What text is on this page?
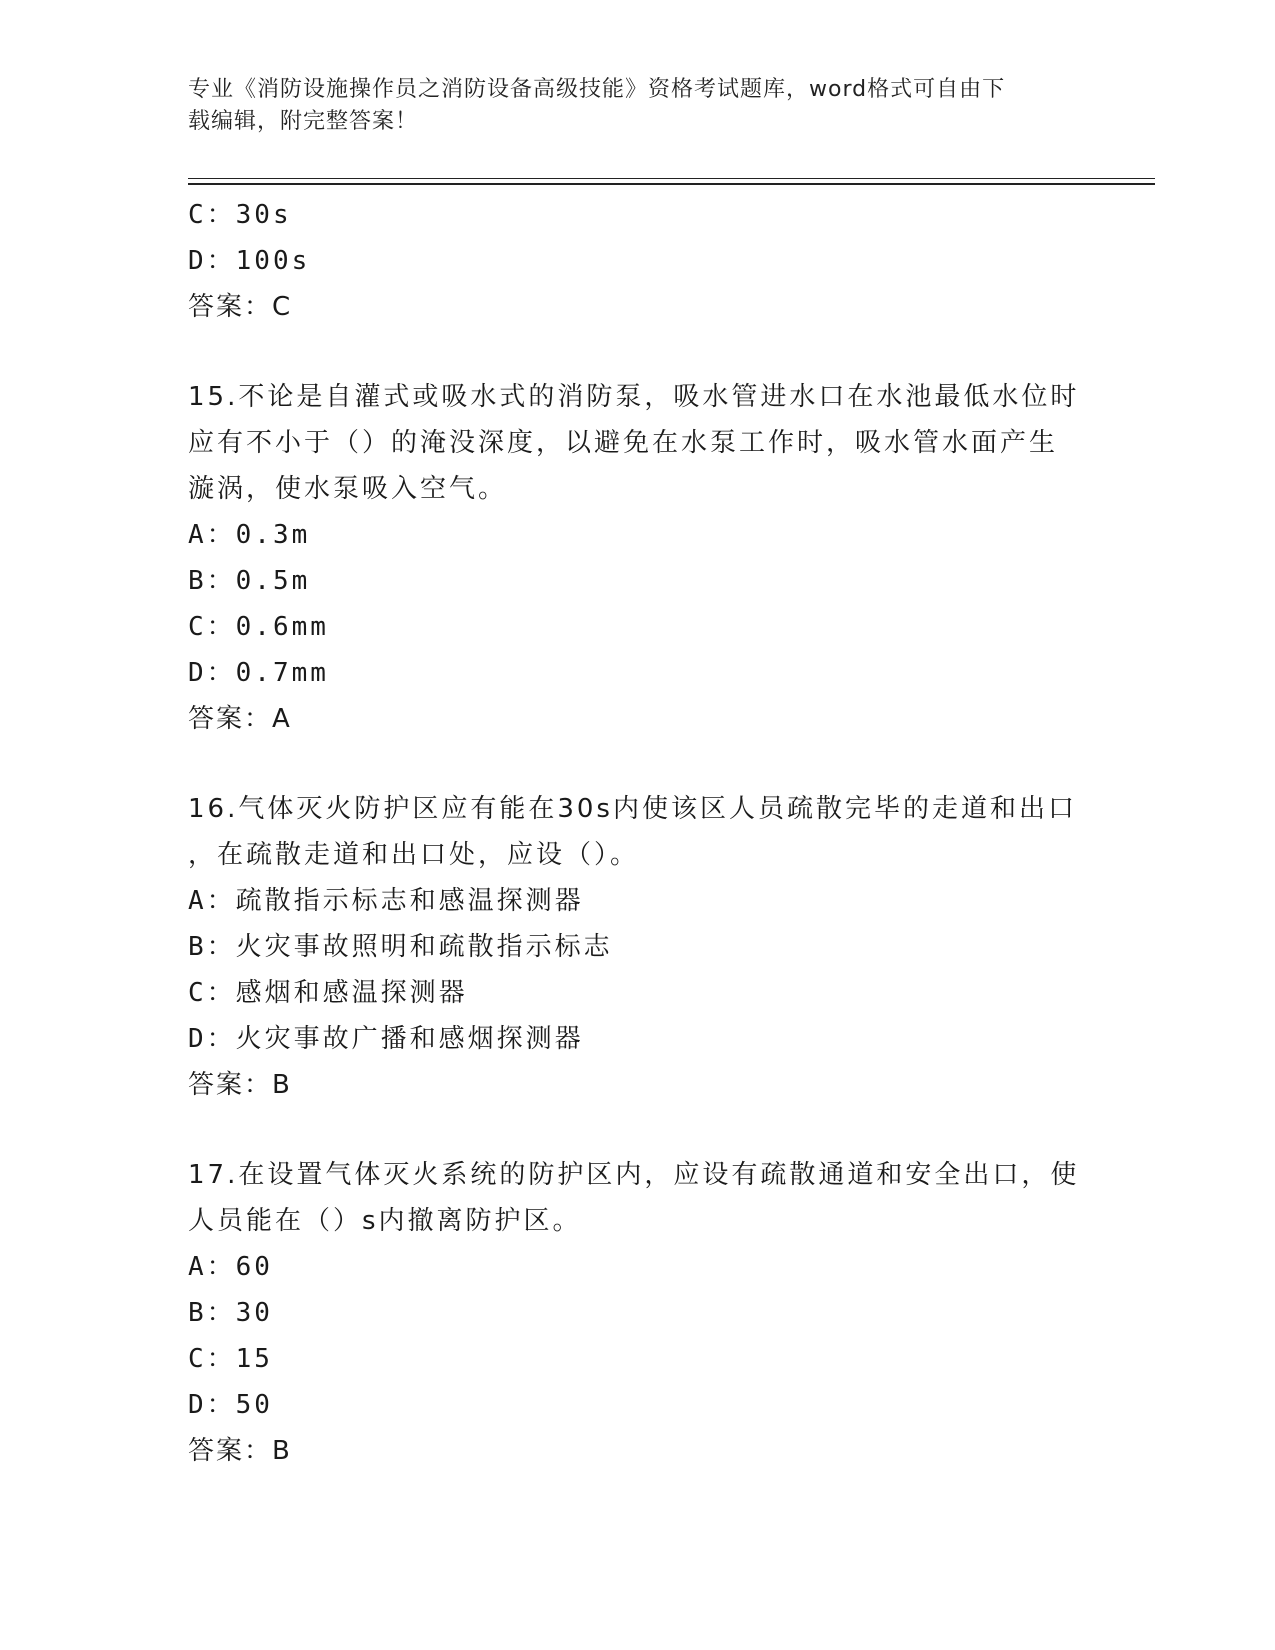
专业《消防设施操作员之消防设备高级技能》资格考试题库，word格式可自由下
载编辑，附完整答案！
C：30s
D：100s
答案：C
15.不论是自灌式或吸水式的消防泵，吸水管进水口在水池最低水位时
应有不小于（）的淹没深度，以避免在水泵工作时，吸水管水面产生
漩涡，使水泵吸入空气。
A：0.3m
B：0.5m
C：0.6mm
D：0.7mm
答案：A
16.气体灭火防护区应有能在30s内使该区人员疏散完毕的走道和出口
，在疏散走道和出口处，应设（）。
A：疏散指示标志和感温探测器
B：火灾事故照明和疏散指示标志
C：感烟和感温探测器
D：火灾事故广播和感烟探测器
答案：B
17.在设置气体灭火系统的防护区内，应设有疏散通道和安全出口，使
人员能在（）s内撤离防护区。
A：60
B：30
C：15
D：50
答案：B
